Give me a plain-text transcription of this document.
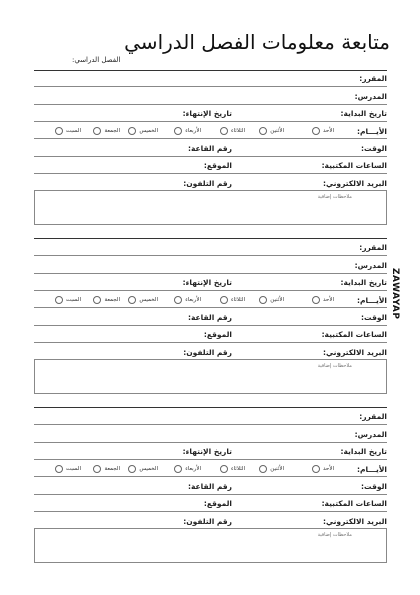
متابعة معلومات الفصل الدراسي
الفصل الدراسي:
ZAWAYAP
المقرر:
المدرس:
تاريخ البداية:
تاريخ الإنتهاء:
الأيـــام:
الأحد
الأثنين
الثلاثاء
الأربعاء
الخميس
الجمعة
السبت
الوقت:
رقم القاعة:
الساعات المكتبية:
الموقع:
البريد الالكتروني:
رقم التلفون:
ملاحظات إضافية
المقرر:
المدرس:
تاريخ البداية:
تاريخ الإنتهاء:
الأيـــام:
الأحد
الأثنين
الثلاثاء
الأربعاء
الخميس
الجمعة
السبت
الوقت:
رقم القاعة:
الساعات المكتبية:
الموقع:
البريد الالكتروني:
رقم التلفون:
ملاحظات إضافية
المقرر:
المدرس:
تاريخ البداية:
تاريخ الإنتهاء:
الأيـــام:
الأحد
الأثنين
الثلاثاء
الأربعاء
الخميس
الجمعة
السبت
الوقت:
رقم القاعة:
الساعات المكتبية:
الموقع:
البريد الالكتروني:
رقم التلفون:
ملاحظات إضافية
